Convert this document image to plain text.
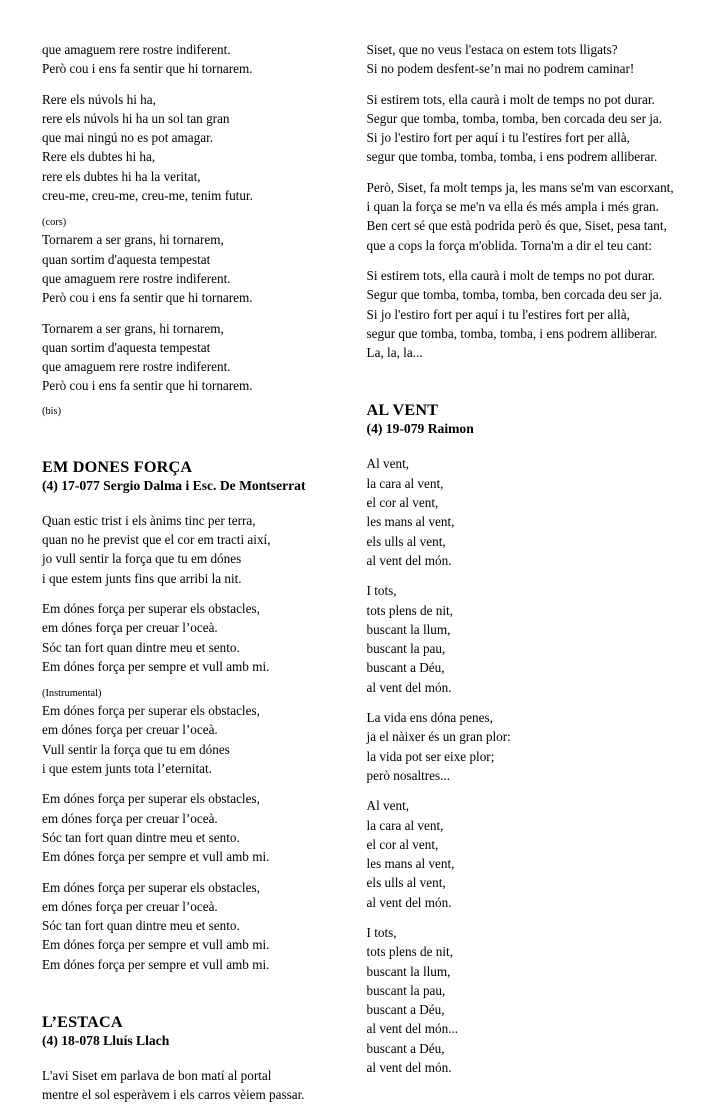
que amaguem rere rostre indiferent.
Però cou i ens fa sentir que hi tornarem.

Rere els núvols hi ha,
rere els núvols hi ha un sol tan gran
que mai ningú no es pot amagar.
Rere els dubtes hi ha,
rere els dubtes hi ha la veritat,
creu-me, creu-me, creu-me, tenim futur.

(cors)

Tornarem a ser grans, hi tornarem,
quan sortim d'aquesta tempestat
que amaguem rere rostre indiferent.
Però cou i ens fa sentir que hi tornarem.

Tornarem a ser grans, hi tornarem,
quan sortim d'aquesta tempestat
que amaguem rere rostre indiferent.
Però cou i ens fa sentir que hi tornarem.

(bis)

EM DONES FORÇA

(4) 17-077 Sergio Dalma i Esc. De Montserrat

Quan estic trist i els ànims tinc per terra,
quan no he previst que el cor em tracti així,
jo vull sentir la força que tu em dónes
i que estem junts fins que arribi la nit.

Em dónes força per superar els obstacles,
em dónes força per creuar l’oceà.
Sóc tan fort quan dintre meu et sento.
Em dónes força per sempre et vull amb mi.

(Instrumental)

Em dónes força per superar els obstacles,
em dónes força per creuar l’oceà.
Vull sentir la força que tu em dónes
i que estem junts tota l’eternitat.

Em dónes força per superar els obstacles,
em dónes força per creuar l’oceà.
Sóc tan fort quan dintre meu et sento.
Em dónes força per sempre et vull amb mi.

Em dónes força per superar els obstacles,
em dónes força per creuar l’oceà.
Sóc tan fort quan dintre meu et sento.
Em dónes força per sempre et vull amb mi.
Em dónes força per sempre et vull amb mi.

L’ESTACA

(4) 18-078 Lluís Llach

L'avi Siset em parlava de bon matí al portal
mentre el sol esperàvem i els carros vèiem passar.

Siset, que no veus l'estaca on estem tots lligats?
Si no podem desfent-se’n mai no podrem caminar!

Si estirem tots, ella caurà i molt de temps no pot durar.
Segur que tomba, tomba, tomba, ben corcada deu ser ja.
Si jo l'estiro fort per aquí i tu l'estires fort per allà,
segur que tomba, tomba, tomba, i ens podrem alliberar.

Però, Siset, fa molt temps ja, les mans se'm van escorxant,
i quan la força se me'n va ella és més ampla i més gran.
Ben cert sé que està podrida però és que, Siset, pesa tant,
que a cops la força m'oblida. Torna'm a dir el teu cant:

Si estirem tots, ella caurà i molt de temps no pot durar.
Segur que tomba, tomba, tomba, ben corcada deu ser ja.
Si jo l'estiro fort per aquí i tu l'estires fort per allà,
segur que tomba, tomba, tomba, i ens podrem alliberar.
La, la, la...

AL VENT

(4) 19-079 Raimon

Al vent,
la cara al vent,
el cor al vent,
les mans al vent,
els ulls al vent,
al vent del món.

I tots,
tots plens de nit,
buscant la llum,
buscant la pau,
buscant a Déu,
al vent del món.

La vida ens dóna penes,
ja el nàixer és un gran plor:
la vida pot ser eixe plor;
però nosaltres...

Al vent,
la cara al vent,
el cor al vent,
les mans al vent,
els ulls al vent,
al vent del món.

I tots,
tots plens de nit,
buscant la llum,
buscant la pau,
buscant a Déu,
al vent del món...
buscant a Déu,
al vent del món.
